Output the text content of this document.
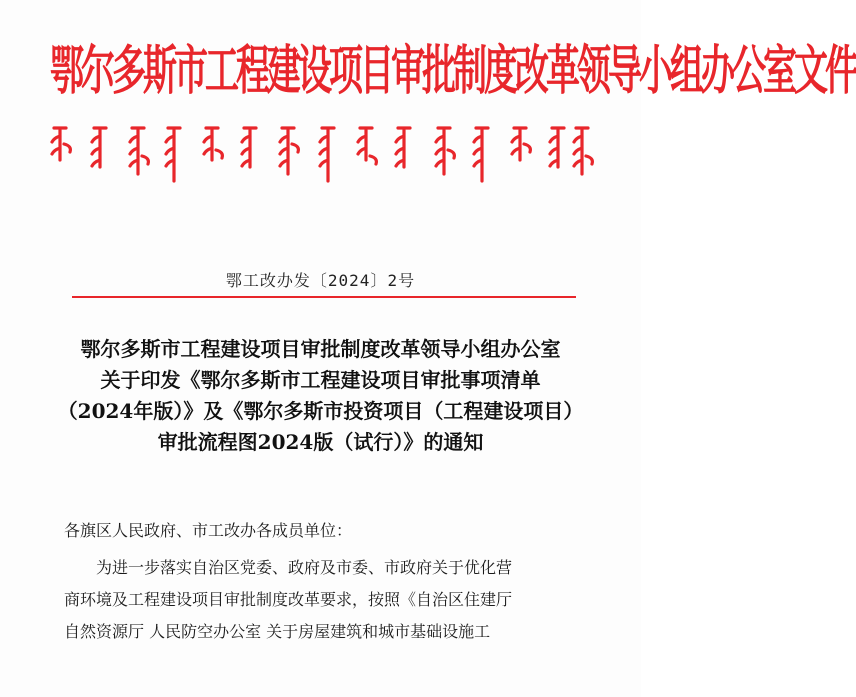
鄂尔多斯市工程建设项目审批制度改革领导小组办公室文件
鄂工改办发〔2024〕2号
鄂尔多斯市工程建设项目审批制度改革领导小组办公室
关于印发《鄂尔多斯市工程建设项目审批事项清单
（2024年版）》及《鄂尔多斯市投资项目（工程建设项目）
审批流程图2024版（试行）》的通知
各旗区人民政府、市工改办各成员单位：
为进一步落实自治区党委、政府及市委、市政府关于优化营
商环境及工程建设项目审批制度改革要求，按照《自治区住建厅
自然资源厅 人民防空办公室 关于房屋建筑和城市基础设施工
